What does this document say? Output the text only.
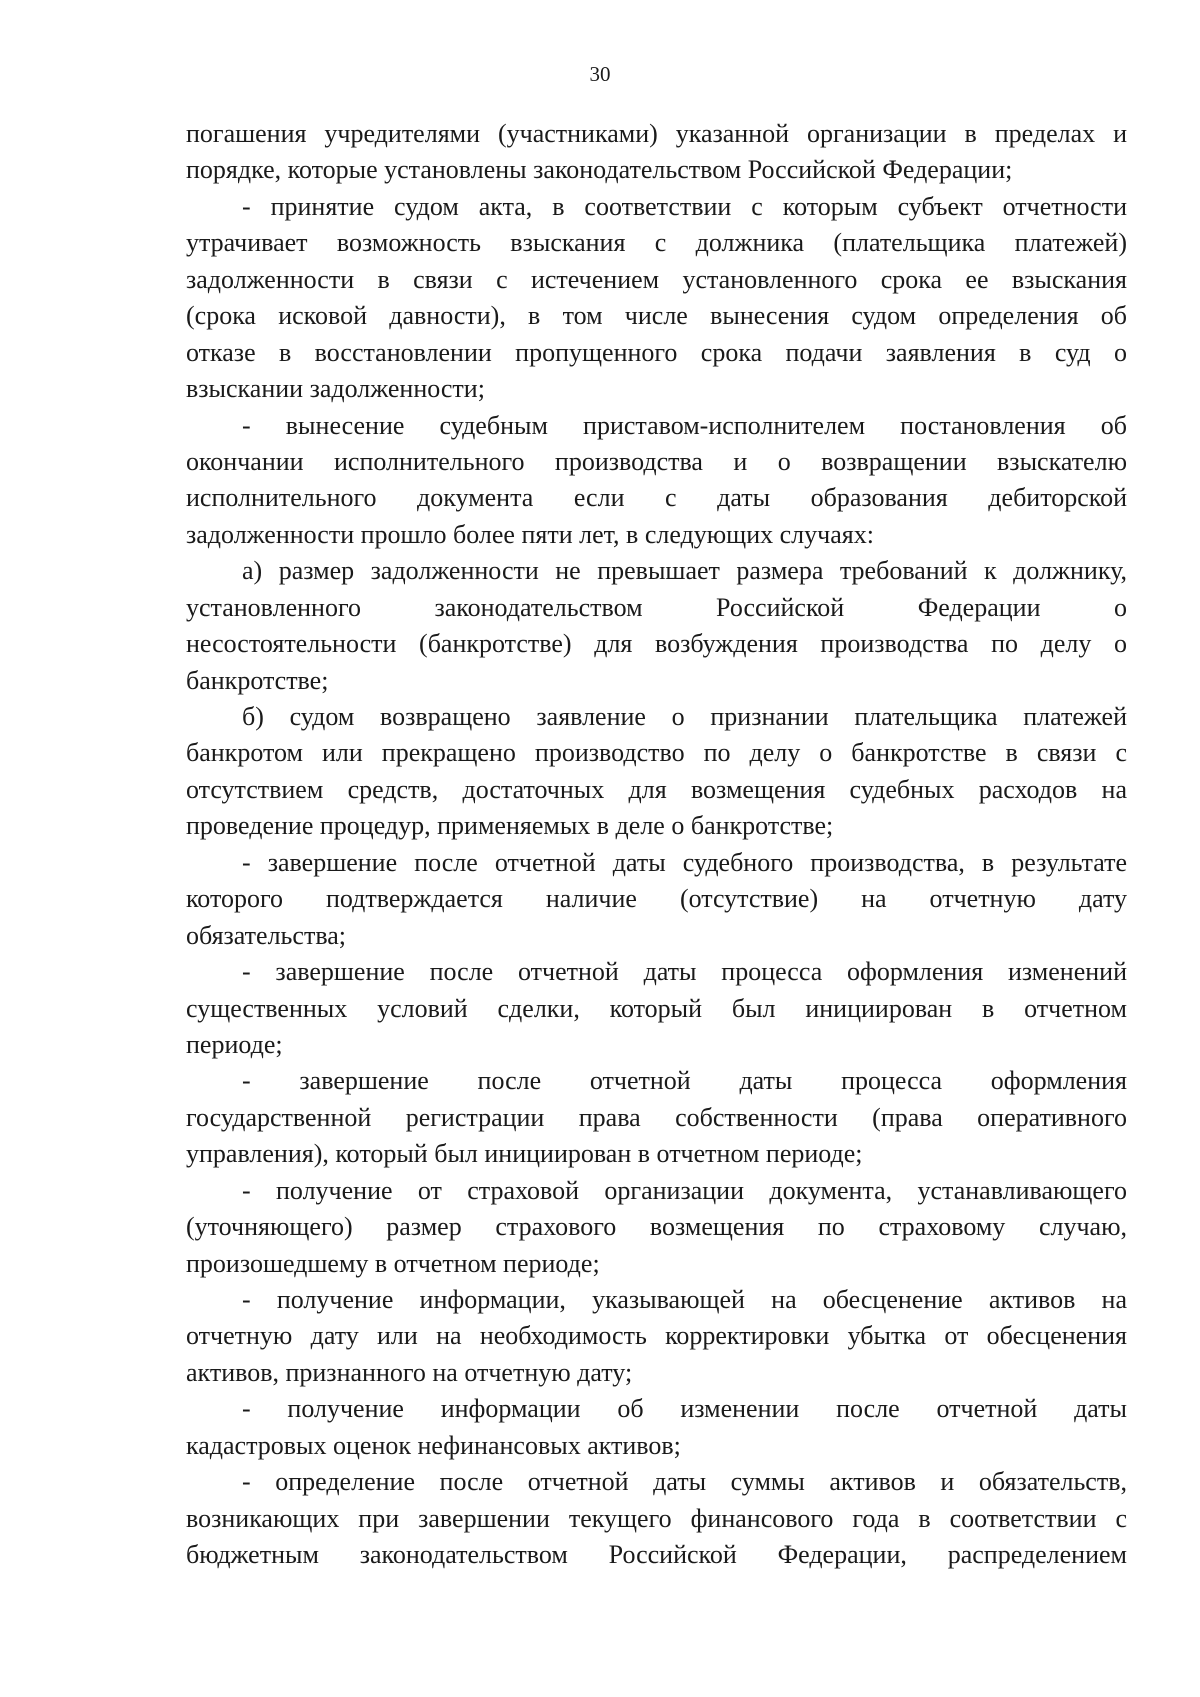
30
погашения учредителями (участниками) указанной организации в пределах и
порядке, которые установлены законодательством Российской Федерации;
- принятие судом акта, в соответствии с которым субъект отчетности
утрачивает возможность взыскания с должника (плательщика платежей)
задолженности в связи с истечением установленного срока ее взыскания
(срока исковой давности), в том числе вынесения судом определения об
отказе в восстановлении пропущенного срока подачи заявления в суд о
взыскании задолженности;
- вынесение судебным приставом-исполнителем постановления об
окончании исполнительного производства и о возвращении взыскателю
исполнительного документа если с даты образования дебиторской
задолженности прошло более пяти лет, в следующих случаях:
а) размер задолженности не превышает размера требований к должнику,
установленного законодательством Российской Федерации о
несостоятельности (банкротстве) для возбуждения производства по делу о
банкротстве;
б) судом возвращено заявление о признании плательщика платежей
банкротом или прекращено производство по делу о банкротстве в связи с
отсутствием средств, достаточных для возмещения судебных расходов на
проведение процедур, применяемых в деле о банкротстве;
- завершение после отчетной даты судебного производства, в результате
которого подтверждается наличие (отсутствие) на отчетную дату
обязательства;
- завершение после отчетной даты процесса оформления изменений
существенных условий сделки, который был инициирован в отчетном
периоде;
- завершение после отчетной даты процесса оформления
государственной регистрации права собственности (права оперативного
управления), который был инициирован в отчетном периоде;
- получение от страховой организации документа, устанавливающего
(уточняющего) размер страхового возмещения по страховому случаю,
произошедшему в отчетном периоде;
- получение информации, указывающей на обесценение активов на
отчетную дату или на необходимость корректировки убытка от обесценения
активов, признанного на отчетную дату;
- получение информации об изменении после отчетной даты
кадастровых оценок нефинансовых активов;
- определение после отчетной даты суммы активов и обязательств,
возникающих при завершении текущего финансового года в соответствии с
бюджетным законодательством Российской Федерации, распределением
